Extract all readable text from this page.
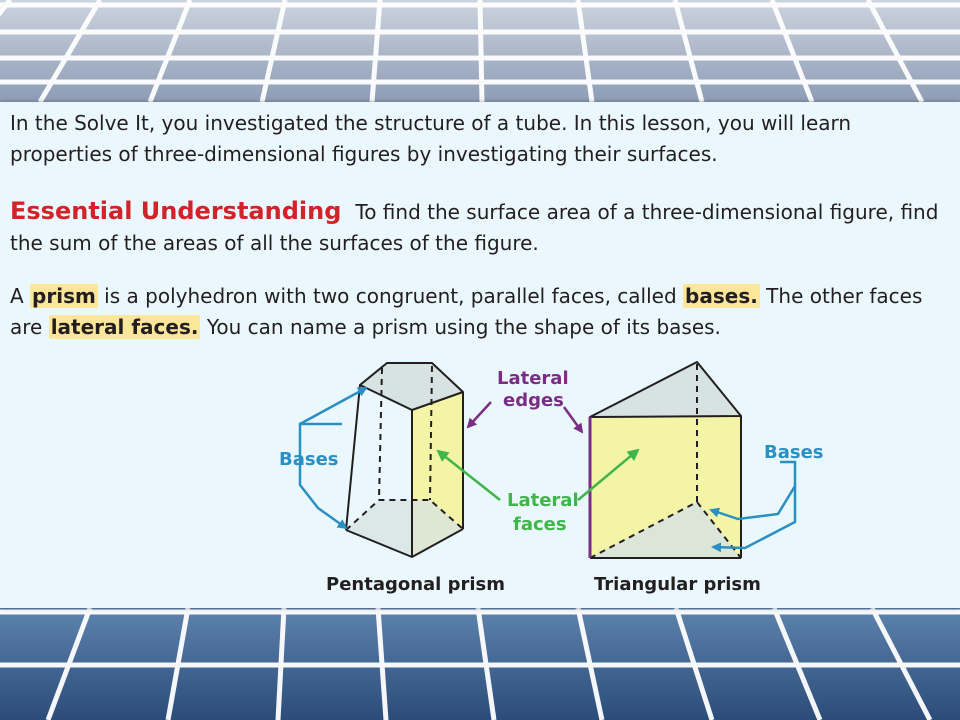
In the Solve It, you investigated the structure of a tube. In this lesson, you will learn properties of three-dimensional figures by investigating their surfaces.

Essential Understanding To find the surface area of a three-dimensional figure, find the sum of the areas of all the surfaces of the figure.

A prism is a polyhedron with two congruent, parallel faces, called bases. The other faces are lateral faces. You can name a prism using the shape of its bases.

Bases	Bases
Lateral
edges
Lateral
faces
Pentagonal prism	Triangular prism
